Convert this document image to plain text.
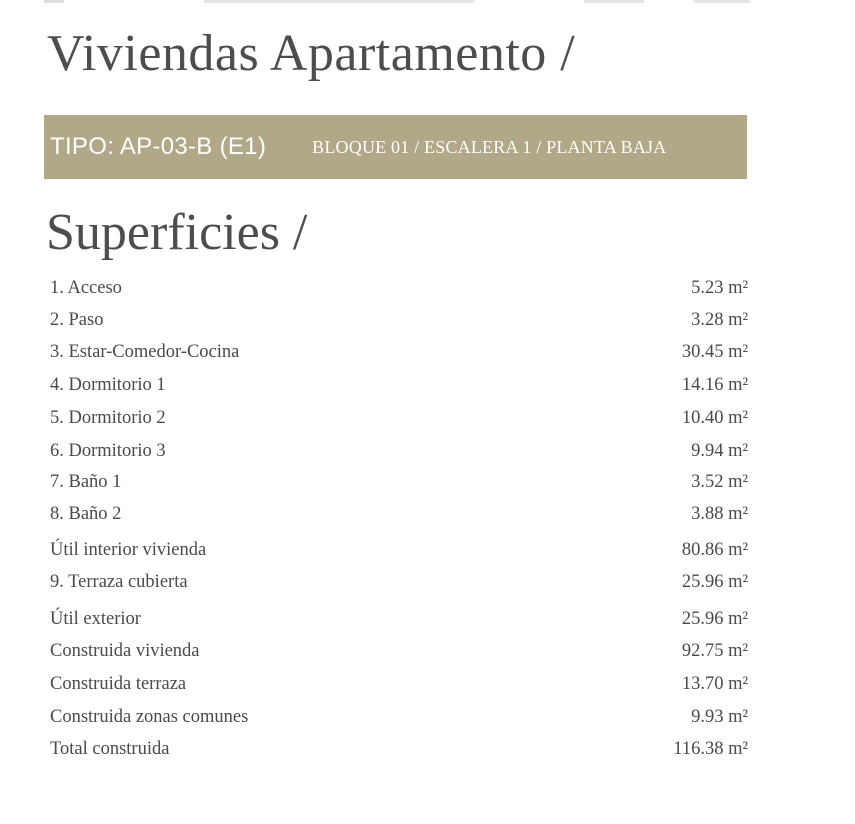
Viviendas Apartamento /
TIPO: AP-03-B (E1)	BLOQUE 01 / ESCALERA 1 / PLANTA BAJA
Superficies /
1. Acceso	5.23 m²
2. Paso	3.28 m²
3. Estar-Comedor-Cocina	30.45 m²
4. Dormitorio 1	14.16 m²
5. Dormitorio 2	10.40 m²
6. Dormitorio 3	9.94 m²
7. Baño 1	3.52 m²
8. Baño 2	3.88 m²
Útil interior vivienda	80.86 m²
9. Terraza cubierta	25.96 m²
Útil exterior	25.96 m²
Construida vivienda	92.75 m²
Construida terraza	13.70 m²
Construida zonas comunes	9.93 m²
Total construida	116.38 m²
